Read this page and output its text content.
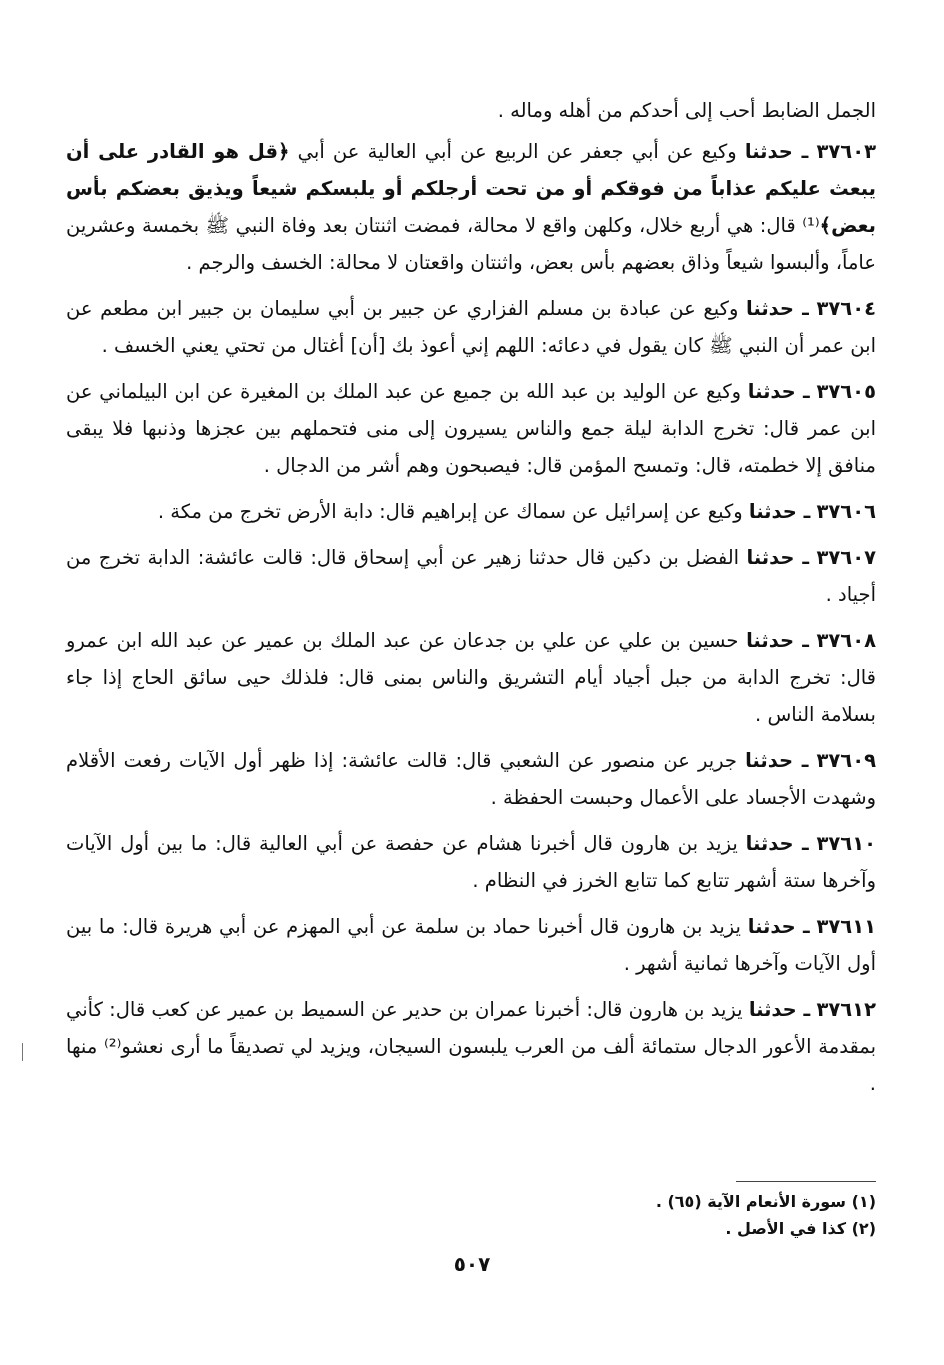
الجمل الضابط أحب إلى أحدكم من أهله وماله .

٣٧٦٠٣ ـ حدثنا وكيع عن أبي جعفر عن الربيع عن أبي العالية عن أبي ﴿قل هو القادر على أن يبعث عليكم عذاباً من فوقكم أو من تحت أرجلكم أو يلبسكم شيعاً ويذيق بعضكم بأس بعض﴾⁽¹⁾ قال: هي أربع خلال، وكلهن واقع لا محالة، فمضت اثنتان بعد وفاة النبي ﷺ بخمسة وعشرين عاماً، وألبسوا شيعاً وذاق بعضهم بأس بعض، واثنتان واقعتان لا محالة: الخسف والرجم .

٣٧٦٠٤ ـ حدثنا وكيع عن عبادة بن مسلم الفزاري عن جبير بن أبي سليمان بن جبير ابن مطعم عن ابن عمر أن النبي ﷺ كان يقول في دعائه: اللهم إني أعوذ بك [أن] أغتال من تحتي يعني الخسف .

٣٧٦٠٥ ـ حدثنا وكيع عن الوليد بن عبد الله بن جميع عن عبد الملك بن المغيرة عن ابن البيلماني عن ابن عمر قال: تخرج الدابة ليلة جمع والناس يسيرون إلى منى فتحملهم بين عجزها وذنبها فلا يبقى منافق إلا خطمته، قال: وتمسح المؤمن قال: فيصبحون وهم أشر من الدجال .

٣٧٦٠٦ ـ حدثنا وكيع عن إسرائيل عن سماك عن إبراهيم قال: دابة الأرض تخرج من مكة .

٣٧٦٠٧ ـ حدثنا الفضل بن دكين قال حدثنا زهير عن أبي إسحاق قال: قالت عائشة: الدابة تخرج من أجياد .

٣٧٦٠٨ ـ حدثنا حسين بن علي عن علي بن جدعان عن عبد الملك بن عمير عن عبد الله ابن عمرو قال: تخرج الدابة من جبل أجياد أيام التشريق والناس بمنى قال: فلذلك حيى سائق الحاج إذا جاء بسلامة الناس .

٣٧٦٠٩ ـ حدثنا جرير عن منصور عن الشعبي قال: قالت عائشة: إذا ظهر أول الآيات رفعت الأقلام وشهدت الأجساد على الأعمال وحبست الحفظة .

٣٧٦١٠ ـ حدثنا يزيد بن هارون قال أخبرنا هشام عن حفصة عن أبي العالية قال: ما بين أول الآيات وآخرها ستة أشهر تتابع كما تتابع الخرز في النظام .

٣٧٦١١ ـ حدثنا يزيد بن هارون قال أخبرنا حماد بن سلمة عن أبي المهزم عن أبي هريرة قال: ما بين أول الآيات وآخرها ثمانية أشهر .

٣٧٦١٢ ـ حدثنا يزيد بن هارون قال: أخبرنا عمران بن حدير عن السميط بن عمير عن كعب قال: كأني بمقدمة الأعور الدجال ستمائة ألف من العرب يلبسون السيجان، ويزيد لي تصديقاً ما أرى نعشو⁽²⁾ منها .

(١) سورة الأنعام الآية (٦٥) .
(٢) كذا في الأصل .
٥٠٧
